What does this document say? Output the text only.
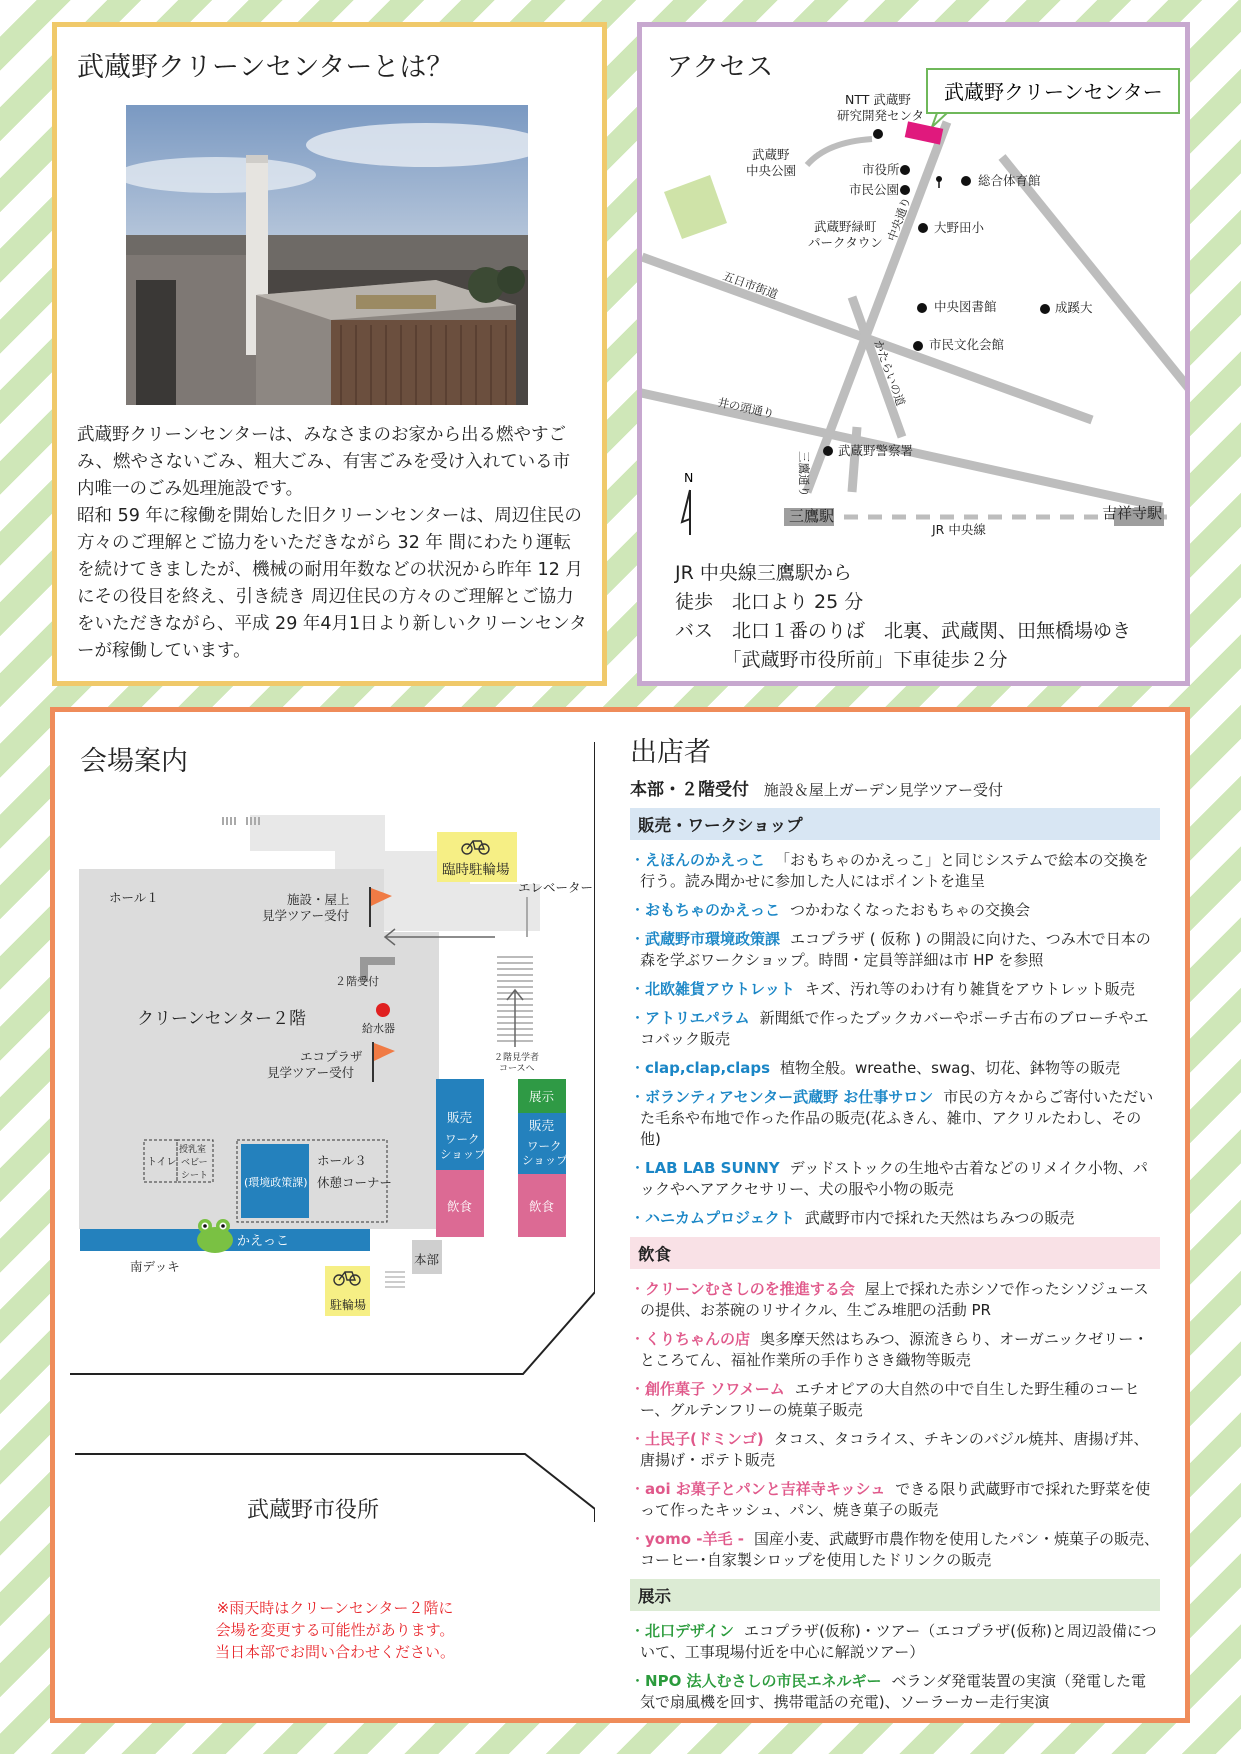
武蔵野クリーンセンターとは？

武蔵野クリーンセンターは、みなさまのお家から出る燃やすごみ、燃やさないごみ、粗大ごみ、有害ごみを受け入れている市内唯一のごみ処理施設です。

昭和 59 年に稼働を開始した旧クリーンセンターは、周辺住民の方々のご理解とご協力をいただきながら 32 年 間にわたり運転を続けてきましたが、機械の耐用年数などの状況から昨年 12 月にその役目を終え、引き続き 周辺住民の方々のご理解とご協力をいただきながら、平成 29 年4月1日より新しいクリーンセンターが稼働しています。

アクセス
武蔵野クリーンセンター
NTT 武蔵野
研究開発センタ
武蔵野
中央公園	市役所
市民公園
総合体育館
武蔵野緑町
パークタウン
大野田小
中央図書館	成蹊大
市民文化会館
武蔵野警察署
三鷹駅	吉祥寺駅
JR 中央線
五日市街道
井の頭通り
中央通り
かたらいの道
三鷹通り
N
JR 中央線三鷹駅から
徒歩　北口より 25 分
バス　北口１番のりば　北裏、武蔵関、田無橋場ゆき
　　　「武蔵野市役所前」下車徒歩２分
会場案内
臨時駐輪場
エレベーター
ホール１	施設・屋上
見学ツアー受付
２階受付
クリーンセンター２階	給水器
エコプラザ
見学ツアー受付
２階見学者
コースへ
トイレ
授乳室
ベビー
シート	(環境政策課)
ホール３
休憩コーナー
かえっこ
南デッキ
駐輪場
本部
販売
ワーク
ショップ
飲食
展示
販売
ワーク
ショップ
飲食
武蔵野市役所
※雨天時はクリーンセンター２階に
会場を変更する可能性があります。
当日本部でお問い合わせください。
出店者
本部・２階受付 施設＆屋上ガーデン見学ツアー受付
販売・ワークショップ
・えほんのかえっこ 「おもちゃのかえっこ」と同じシステムで絵本の交換を行う。読み聞かせに参加した人にはポイントを進呈
・おもちゃのかえっこ つかわなくなったおもちゃの交換会
・武蔵野市環境政策課 エコプラザ ( 仮称 ) の開設に向けた、つみ木で日本の森を学ぶワークショップ。時間・定員等詳細は市 HP を参照
・北欧雑貨アウトレット キズ、汚れ等のわけ有り雑貨をアウトレット販売
・アトリエパラム 新聞紙で作ったブックカバーやポーチ古布のブローチやエコバック販売
・clap,clap,claps 植物全般。wreathe、swag、切花、鉢物等の販売
・ボランティアセンター武蔵野 お仕事サロン 市民の方々からご寄付いただいた毛糸や布地で作った作品の販売(花ふきん、雑巾、アクリルたわし、その他)
・LAB LAB SUNNY デッドストックの生地や古着などのリメイク小物、パックやヘアアクセサリー、犬の服や小物の販売
・ハニカムプロジェクト 武蔵野市内で採れた天然はちみつの販売
飲食
・クリーンむさしのを推進する会 屋上で採れた赤シソで作ったシソジュースの提供、お茶碗のリサイクル、生ごみ堆肥の活動 PR
・くりちゃんの店 奥多摩天然はちみつ、源流きらり、オーガニックゼリー・ところてん、福祉作業所の手作りさき織物等販売
・創作菓子 ソワメーム エチオピアの大自然の中で自生した野生種のコーヒー、グルテンフリーの焼菓子販売
・土民子(ドミンゴ) タコス、タコライス、チキンのバジル焼丼、唐揚げ丼、唐揚げ・ポテト販売
・aoi お菓子とパンと吉祥寺キッシュ できる限り武蔵野市で採れた野菜を使って作ったキッシュ、パン、焼き菓子の販売
・yomo -羊毛 - 国産小麦、武蔵野市農作物を使用したパン・焼菓子の販売、コーヒー･自家製シロップを使用したドリンクの販売
展示
・北口デザイン エコプラザ(仮称)・ツアー（エコプラザ(仮称)と周辺設備について、工事現場付近を中心に解説ツアー）
・NPO 法人むさしの市民エネルギー ベランダ発電装置の実演（発電した電気で扇風機を回す、携帯電話の充電)、ソーラーカー走行実演
